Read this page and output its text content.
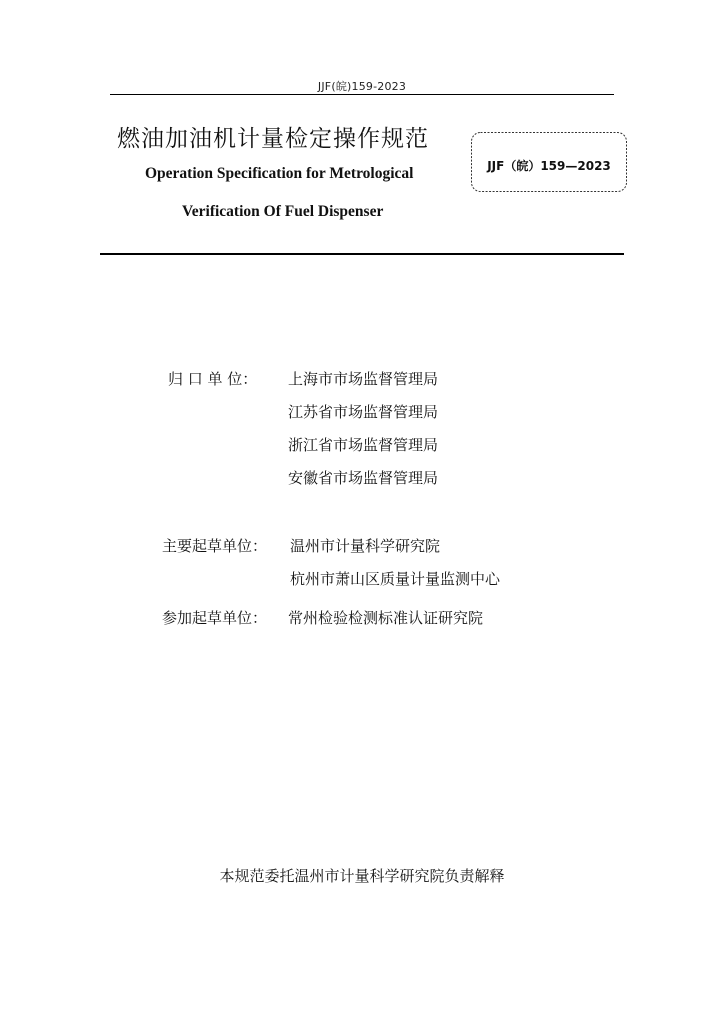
JJF(皖)159-2023
燃油加油机计量检定操作规范
Operation Specification for Metrological
Verification Of Fuel Dispenser
JJF（皖）159—2023
归 口 单 位： 上海市市场监督管理局
江苏省市场监督管理局
浙江省市场监督管理局
安徽省市场监督管理局
主要起草单位： 温州市计量科学研究院
杭州市萧山区质量计量监测中心
参加起草单位： 常州检验检测标准认证研究院
本规范委托温州市计量科学研究院负责解释
